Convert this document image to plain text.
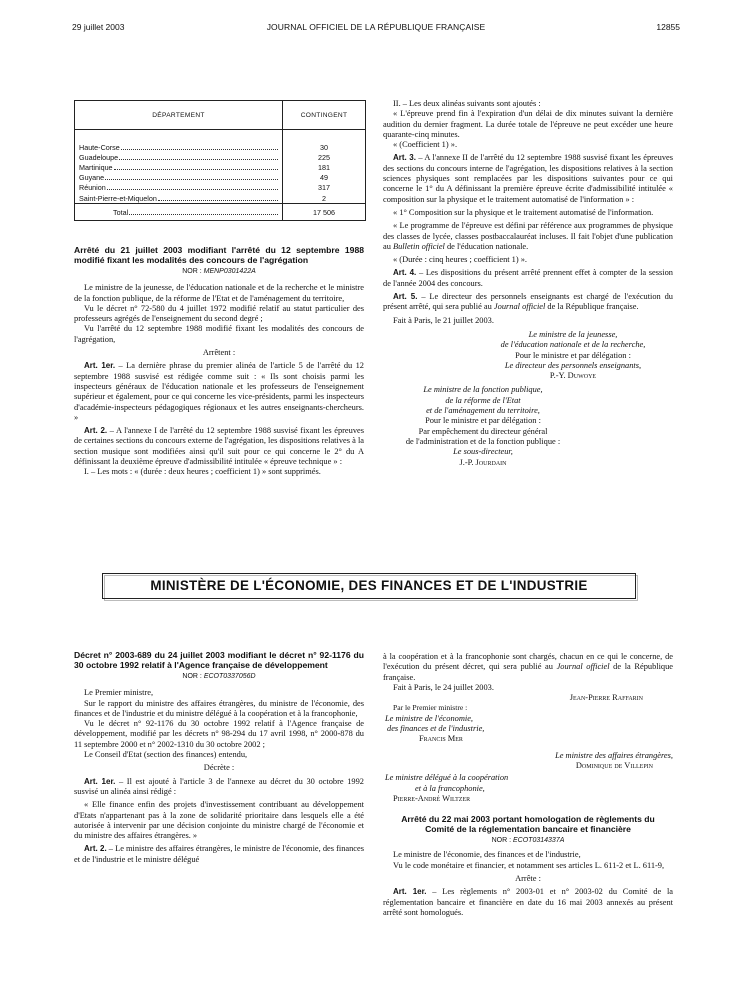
29 juillet 2003	JOURNAL OFFICIEL DE LA RÉPUBLIQUE FRANÇAISE	12855
DÉPARTEMENT	CONTINGENT

Haute-Corse	30

Guadeloupe	225

Martinique	181

Guyane	49

Réunion	317

Saint-Pierre-et-Miquelon	2

Total	17 506

Arrêté du 21 juillet 2003 modifiant l'arrêté du 12 septembre 1988 modifié fixant les modalités des concours de l'agrégation

NOR : MENP0301422A

Le ministre de la jeunesse, de l'éducation nationale et de la recherche et le ministre de la fonction publique, de la réforme de l'Etat et de l'aménagement du territoire,

Vu le décret n° 72-580 du 4 juillet 1972 modifié relatif au statut particulier des professeurs agrégés de l'enseignement du second degré ;

Vu l'arrêté du 12 septembre 1988 modifié fixant les modalités des concours de l'agrégation,

Arrêtent :

Art. 1er. – La dernière phrase du premier alinéa de l'article 5 de l'arrêté du 12 septembre 1988 susvisé est rédigée comme suit : « Ils sont choisis parmi les inspecteurs généraux de l'éducation nationale et les professeurs de l'enseignement supérieur et également, pour ce qui concerne les vice-présidents, parmi les inspecteurs d'académie-inspecteurs pédagogiques régionaux et les autres enseignants-chercheurs. »

Art. 2. – A l'annexe I de l'arrêté du 12 septembre 1988 susvisé fixant les épreuves de certaines sections du concours externe de l'agrégation, les dispositions relatives à la section musique sont modifiées ainsi qu'il suit pour ce qui concerne le 2° du A définissant la deuxième épreuve d'admissibilité intitulée « épreuve technique » :

I. – Les mots : « (durée : deux heures ; coefficient 1) » sont supprimés.

II. – Les deux alinéas suivants sont ajoutés :

« L'épreuve prend fin à l'expiration d'un délai de dix minutes suivant la dernière audition du dernier fragment. La durée totale de l'épreuve ne peut excéder une heure quarante-cinq minutes.

« (Coefficient 1) ».

Art. 3. – A l'annexe II de l'arrêté du 12 septembre 1988 susvisé fixant les épreuves des sections du concours interne de l'agrégation, les dispositions relatives à la section sciences physiques sont remplacées par les dispositions suivantes pour ce qui concerne le 1° du A définissant la première épreuve écrite d'admissibilité intitulée « composition sur la physique et le traitement automatisé de l'information » :

« 1° Composition sur la physique et le traitement automatisé de l'information.

« Le programme de l'épreuve est défini par référence aux programmes de physique des classes de lycée, classes postbaccalauréat incluses. Il fait l'objet d'une publication au Bulletin officiel de l'éducation nationale.

« (Durée : cinq heures ; coefficient 1) ».

Art. 4. – Les dispositions du présent arrêté prennent effet à compter de la session de l'année 2004 des concours.

Art. 5. – Le directeur des personnels enseignants est chargé de l'exécution du présent arrêté, qui sera publié au Journal officiel de la République française.

Fait à Paris, le 21 juillet 2003.

Le ministre de la jeunesse,
de l'éducation nationale et de la recherche,
Pour le ministre et par délégation :
Le directeur des personnels enseignants,
P.-Y. Duwoye
Le ministre de la fonction publique,
de la réforme de l'Etat
et de l'aménagement du territoire,
Pour le ministre et par délégation :
Par empêchement du directeur général
de l'administration et de la fonction publique :
Le sous-directeur,
J.-P. Jourdain
MINISTÈRE DE L'ÉCONOMIE, DES FINANCES ET DE L'INDUSTRIE

Décret n° 2003-689 du 24 juillet 2003 modifiant le décret n° 92-1176 du 30 octobre 1992 relatif à l'Agence française de développement

NOR : ECOT0337056D

Le Premier ministre,

Sur le rapport du ministre des affaires étrangères, du ministre de l'économie, des finances et de l'industrie et du ministre délégué à la coopération et à la francophonie,

Vu le décret n° 92-1176 du 30 octobre 1992 relatif à l'Agence française de développement, modifié par les décrets n° 98-294 du 17 avril 1998, n° 2000-878 du 11 septembre 2000 et n° 2002-1310 du 30 octobre 2002 ;

Le Conseil d'Etat (section des finances) entendu,

Décrète :

Art. 1er. – Il est ajouté à l'article 3 de l'annexe au décret du 30 octobre 1992 susvisé un alinéa ainsi rédigé :

« Elle finance enfin des projets d'investissement contribuant au développement d'Etats n'appartenant pas à la zone de solidarité prioritaire dans lesquels elle a été autorisée à intervenir par une décision conjointe du ministre chargé de l'économie et du ministre des affaires étrangères. »

Art. 2. – Le ministre des affaires étrangères, le ministre de l'économie, des finances et de l'industrie et le ministre délégué

à la coopération et à la francophonie sont chargés, chacun en ce qui le concerne, de l'exécution du présent décret, qui sera publié au Journal officiel de la République française.

Fait à Paris, le 24 juillet 2003.

Jean-Pierre Raffarin

Par le Premier ministre :
Le ministre de l'économie,
des finances et de l'industrie,
Francis Mer
Le ministre des affaires étrangères,
Dominique de Villepin
Le ministre délégué à la coopération
et à la francophonie,
Pierre-André Wiltzer

Arrêté du 22 mai 2003 portant homologation de règlements du Comité de la réglementation bancaire et financière

NOR : ECOT0314337A

Le ministre de l'économie, des finances et de l'industrie,

Vu le code monétaire et financier, et notamment ses articles L. 611-2 et L. 611-9,

Arrête :

Art. 1er. – Les règlements n° 2003-01 et n° 2003-02 du Comité de la réglementation bancaire et financière en date du 16 mai 2003 annexés au présent arrêté sont homologués.
